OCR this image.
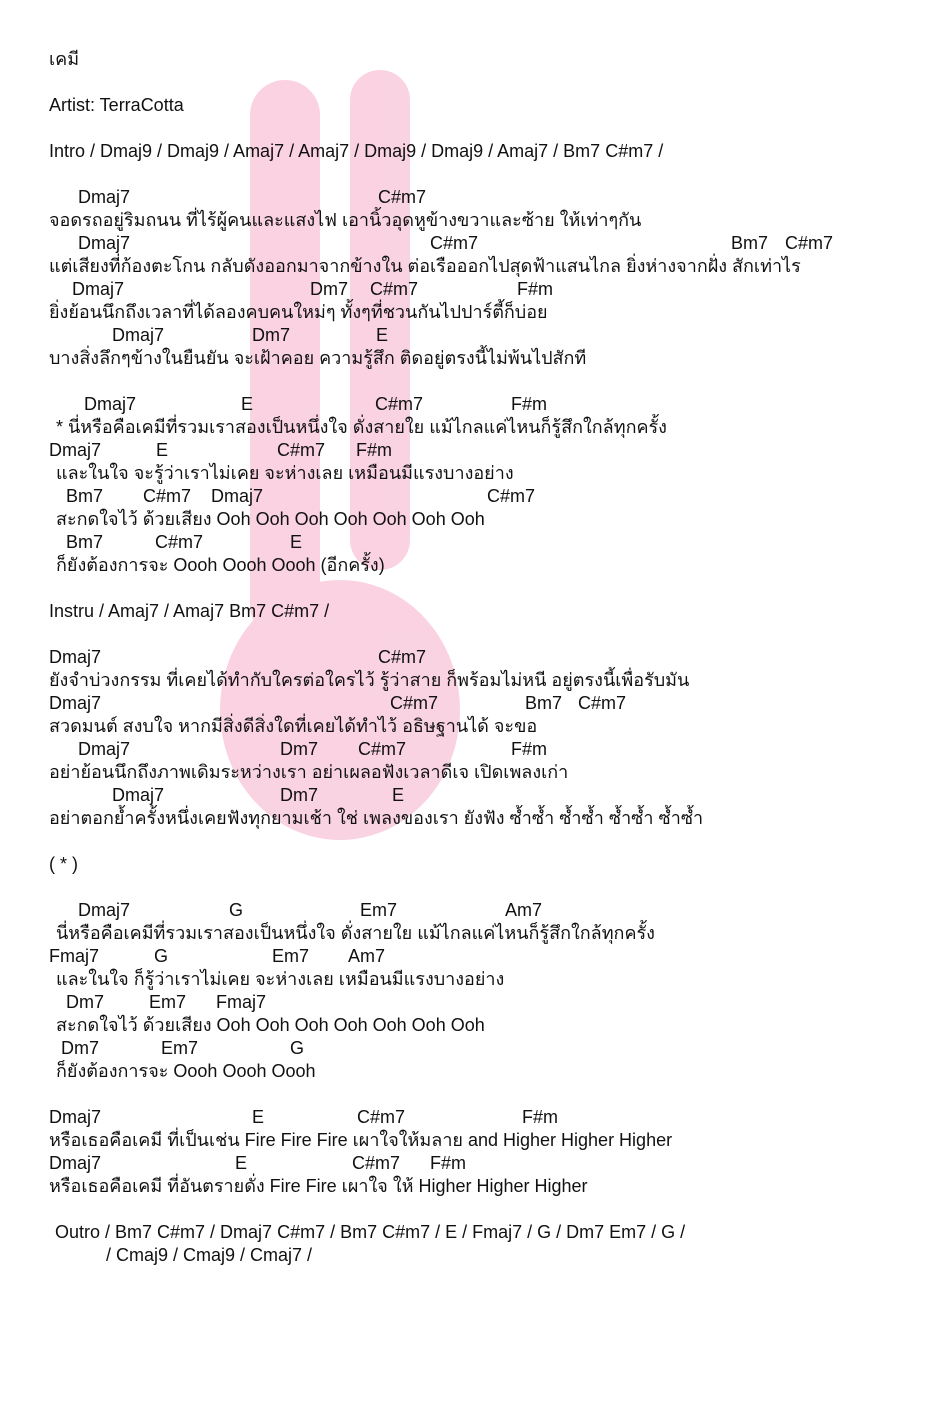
www.Piano-Araich.com
เคมี
Artist: TerraCotta
Intro / Dmaj9 / Dmaj9 / Amaj7 / Amaj7 / Dmaj9 / Dmaj9 / Amaj7 / Bm7 C#m7 /

Dmaj7

	C#m7

จอดรถอยู่ริมถนน ที่ไร้ผู้คนและแสงไฟ เอานิ้วอุดหูข้างขวาและซ้าย ให้เท่าๆกัน

Dmaj7

	C#m7

	Bm7

C#m7

แต่เสียงที่ก้องตะโกน กลับดังออกมาจากข้างใน ต่อเรือออกไปสุดฟ้าแสนไกล ยิ่งห่างจากฝั่ง สักเท่าไร

Dmaj7

	Dm7

C#m7

	F#m

ยิ่งย้อนนึกถึงเวลาที่ได้ลองคบคนใหม่ๆ ทั้งๆที่ชวนกันไปปาร์ตี้ก็บ่อย

Dmaj7

	Dm7

	E

บางสิ่งลึกๆข้างในยืนยัน จะเฝ้าคอย ความรู้สึก ติดอยู่ตรงนี้ไม่พ้นไปสักที

Dmaj7

	E

	C#m7

	F#m

* นี่หรือคือเคมีที่รวมเราสองเป็นหนึ่งใจ ดั่งสายใย แม้ไกลแค่ไหนก็รู้สึกใกล้ทุกครั้ง

Dmaj7

	E

	C#m7

F#m

และในใจ จะรู้ว่าเราไม่เคย จะห่างเลย เหมือนมีแรงบางอย่าง

Bm7

C#m7

Dmaj7

	C#m7

สะกดใจไว้ ด้วยเสียง Ooh Ooh Ooh Ooh Ooh Ooh Ooh

Bm7

	C#m7

	E

ก็ยังต้องการจะ Oooh Oooh Oooh (อีกครั้ง)
Instru / Amaj7 / Amaj7 Bm7 C#m7 /

Dmaj7

	C#m7

ยังจำบ่วงกรรม ที่เคยได้ทำกับใครต่อใครไว้ รู้ว่าสาย ก็พร้อมไม่หนี อยู่ตรงนี้เพื่อรับมัน

Dmaj7

	C#m7

	Bm7

C#m7

สวดมนต์ สงบใจ หากมีสิ่งดีสิ่งใดที่เคยได้ทำไว้ อธิษฐานได้ จะขอ

Dmaj7

	Dm7

C#m7

	F#m

อย่าย้อนนึกถึงภาพเดิมระหว่างเรา อย่าเผลอฟังเวลาดีเจ เปิดเพลงเก่า

Dmaj7

	Dm7

	E

อย่าตอกย้ำครั้งหนึ่งเคยฟังทุกยามเช้า ใช่ เพลงของเรา ยังฟัง ซ้ำซ้ำ ซ้ำซ้ำ ซ้ำซ้ำ ซ้ำซ้ำ
( * )

Dmaj7

	G

	Em7

	Am7

นี่หรือคือเคมีที่รวมเราสองเป็นหนึ่งใจ ดั่งสายใย แม้ไกลแค่ไหนก็รู้สึกใกล้ทุกครั้ง

Fmaj7

	G

	Em7

Am7

และในใจ ก็รู้ว่าเราไม่เคย จะห่างเลย เหมือนมีแรงบางอย่าง

Dm7

Em7

Fmaj7

สะกดใจไว้ ด้วยเสียง Ooh Ooh Ooh Ooh Ooh Ooh Ooh

Dm7

	Em7

	G

ก็ยังต้องการจะ Oooh Oooh Oooh

Dmaj7

	E

	C#m7

	F#m

หรือเธอคือเคมี ที่เป็นเช่น Fire Fire Fire เผาใจให้มลาย and Higher Higher Higher

Dmaj7

	E

	C#m7

F#m

หรือเธอคือเคมี ที่อันตรายดั่ง Fire Fire เผาใจ ให้ Higher Higher Higher
Outro / Bm7 C#m7 / Dmaj7 C#m7 / Bm7 C#m7 / E / Fmaj7 / G / Dm7 Em7 / G /
/ Cmaj9 / Cmaj9 / Cmaj7 /
